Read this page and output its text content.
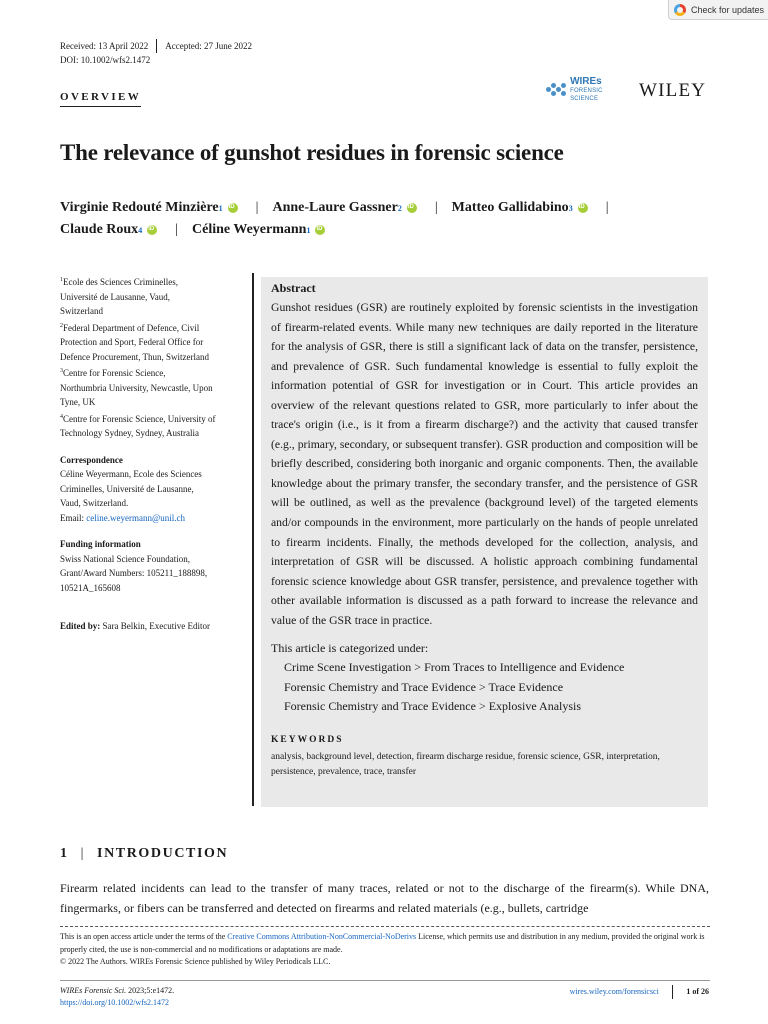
Check for updates
Received: 13 April 2022 Accepted: 27 June 2022
DOI: 10.1002/wfs2.1472
OVERVIEW
WIREs
FORENSIC SCIENCE	WILEY
The relevance of gunshot residues in forensic science
Virginie Redouté Minzière 1 iD | Anne-Laure Gassner 2 iD | Matteo Gallidabino 3 iD |
Claude Roux 4 iD | Céline Weyermann 1
iD

$^1$Ecole des Sciences Criminelles,

Université de Lausanne, Vaud,

Switzerland

$^2$Federal Department of Defence, Civil

Protection and Sport, Federal Office for

Defence Procurement, Thun, Switzerland

$^3$Centre for Forensic Science,

Northumbria University, Newcastle, Upon

Tyne, UK

$^4$Centre for Forensic Science, University of

Technology Sydney, Sydney, Australia

Correspondence

Céline Weyermann, Ecole des Sciences

Criminelles, Université de Lausanne,

Vaud, Switzerland.

Email: celine.weyermann@unil.ch

Funding information

Swiss National Science Foundation,

Grant/Award Numbers: 105211_188898,

10521A_165608

Edited by: Sara Belkin, Executive Editor

Abstract
Gunshot residues (GSR) are routinely exploited by forensic scientists in the investigation of firearm-related events. While many new techniques are daily reported in the literature for the analysis of GSR, there is still a significant lack of data on the transfer, persistence, and prevalence of GSR. Such fundamental knowledge is essential to fully exploit the information potential of GSR for investigation or in Court. This article provides an overview of the relevant questions related to GSR, more particularly to infer about the trace's origin (i.e., is it from a firearm discharge?) and the activity that caused transfer (e.g., primary, secondary, or subsequent transfer). GSR production and composition will be briefly described, considering both inorganic and organic components. Then, the available knowledge about the primary transfer, the secondary transfer, and the persistence of GSR will be outlined, as well as the prevalence (background level) of the targeted elements and/or compounds in the environment, more particularly on the hands of people unrelated to firearm incidents. Finally, the methods developed for the collection, analysis, and interpretation of GSR will be discussed. A holistic approach combining fundamental forensic science knowledge about GSR transfer, persistence, and prevalence together with other available information is discussed as a path forward to increase the relevance and value of the GSR trace in practice.
This article is categorized under:
Crime Scene Investigation > From Traces to Intelligence and Evidence
Forensic Chemistry and Trace Evidence > Trace Evidence
Forensic Chemistry and Trace Evidence > Explosive Analysis
KEYWORDS
analysis, background level, detection, firearm discharge residue, forensic science, GSR, interpretation, persistence, prevalence, trace, transfer
1 | INTRODUCTION
Firearm related incidents can lead to the transfer of many traces, related or not to the discharge of the firearm(s). While DNA, fingermarks, or fibers can be transferred and detected on firearms and related materials (e.g., bullets, cartridge
This is an open access article under the terms of the Creative Commons Attribution-NonCommercial-NoDerivs License, which permits use and distribution in any medium, provided the original work is properly cited, the use is non-commercial and no modifications or adaptations are made.
© 2022 The Authors. WIREs Forensic Science published by Wiley Periodicals LLC.
WIREs Forensic Sci. 2023;5:e1472.
https://doi.org/10.1002/wfs2.1472
wires.wiley.com/forensicsci	1 of 26
